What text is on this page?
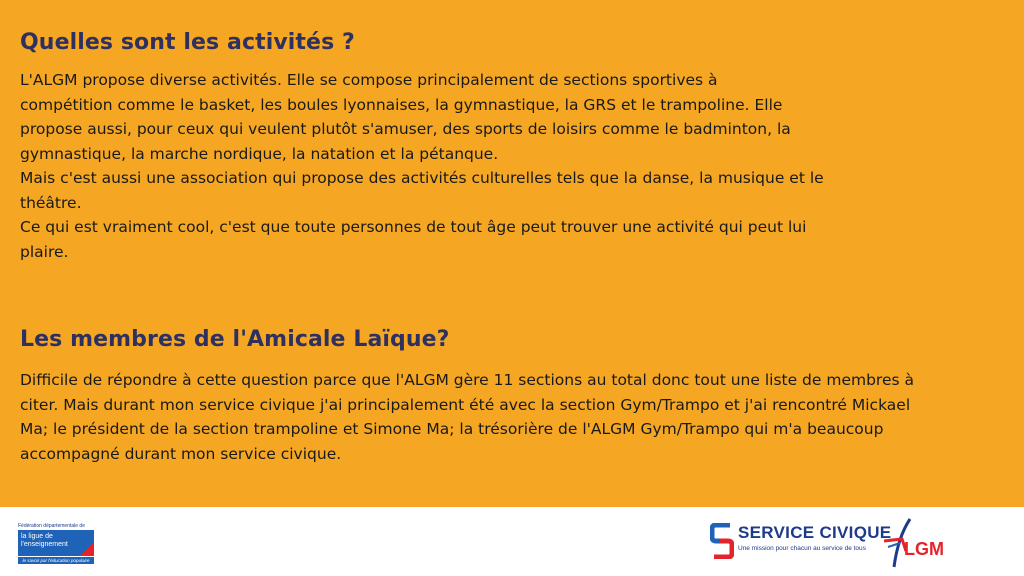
Quelles sont les activités ?

L'ALGM propose diverse activités. Elle se compose principalement de sections sportives à
compétition comme le basket, les boules lyonnaises, la gymnastique, la GRS et le trampoline. Elle
propose aussi, pour ceux qui veulent plutôt s'amuser, des sports de loisirs comme le badminton, la
gymnastique, la marche nordique, la natation et la pétanque.
Mais c'est aussi une association qui propose des activités culturelles tels que la danse, la musique et le
théâtre.
Ce qui est vraiment cool, c'est que toute personnes de tout âge peut trouver une activité qui peut lui
plaire.

Les membres de l'Amicale Laïque?

Difficile de répondre à cette question parce que l'ALGM gère 11 sections au total donc tout une liste de membres à
citer. Mais durant mon service civique j'ai principalement été avec la section Gym/Trampo et j'ai rencontré Mickael
Ma; le président de la section trampoline et Simone Ma; la trésorière de l'ALGM Gym/Trampo qui m'a beaucoup
accompagné durant mon service civique.

Fédération départementale de
la ligue de
l'enseignement
le savoir par l'éducation populaire
SERVICE CIVIQUE
Une mission pour chacun au service de tous LGM
